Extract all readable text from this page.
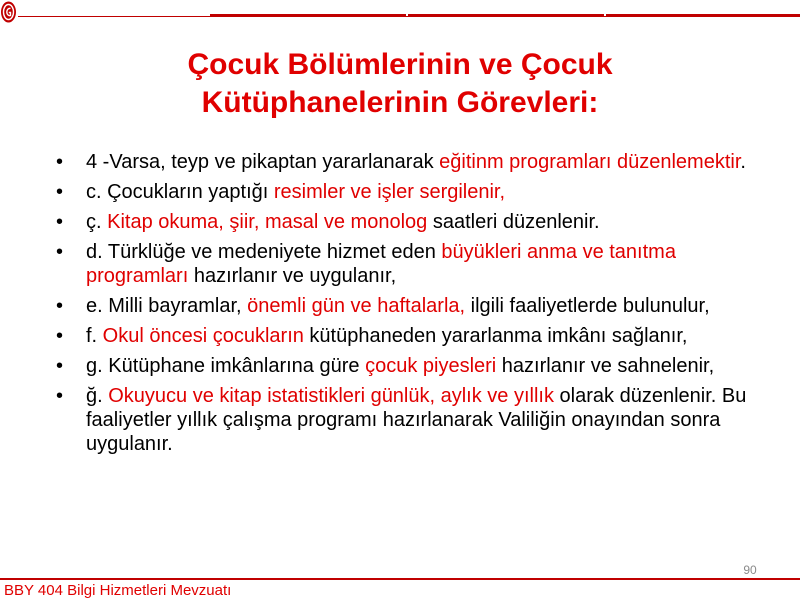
Çocuk Bölümlerinin ve Çocuk
Kütüphanelerinin Görevleri:
• 4 -Varsa, teyp ve pikaptan yararlanarak eğitinm programları düzenlemektir.
• c. Çocukların yaptığı resimler ve işler sergilenir,
• ç. Kitap okuma, şiir, masal ve monolog saatleri düzenlenir.
• d. Türklüğe ve medeniyete hizmet eden büyükleri anma ve tanıtma programları hazırlanır ve uygulanır,
• e. Milli bayramlar, önemli gün ve haftalarla, ilgili faaliyetlerde bulunulur,
• f. Okul öncesi çocukların kütüphaneden yararlanma imkânı sağlanır,
• g. Kütüphane imkânlarına güre çocuk piyesleri hazırlanır ve sahnelenir,
• ğ. Okuyucu ve kitap istatistikleri günlük, aylık ve yıllık olarak düzenlenir. Bu faaliyetler yıllık çalışma programı hazırlanarak Valiliğin onayından sonra uygulanır.
90
BBY 404 Bilgi Hizmetleri Mevzuatı
